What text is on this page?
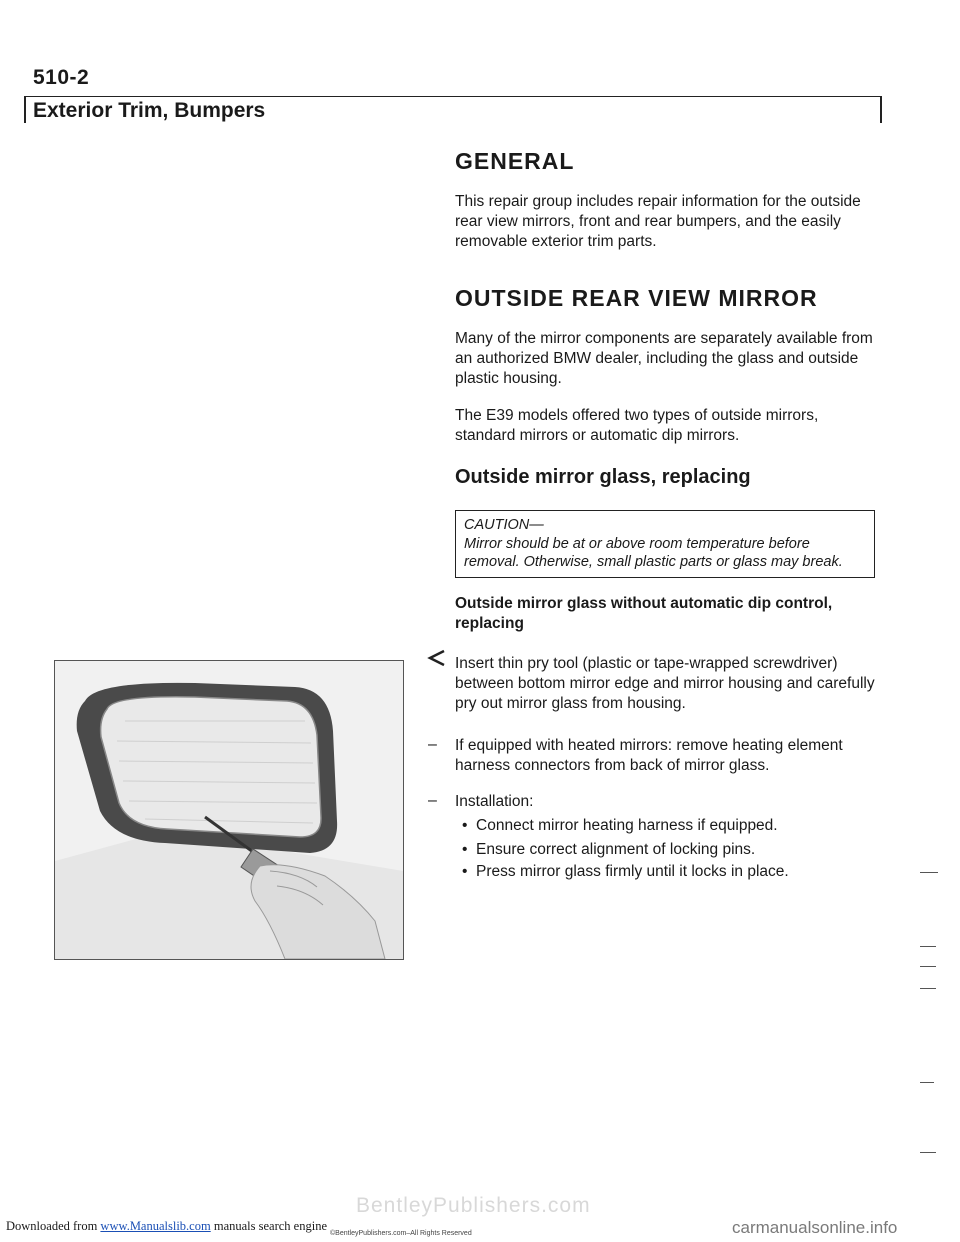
510-2
Exterior Trim, Bumpers
GENERAL
This repair group includes repair information for the outside rear view mirrors, front and rear bumpers, and the easily removable exterior trim parts.
OUTSIDE REAR VIEW MIRROR
Many of the mirror components are separately available from an authorized BMW dealer, including the glass and outside plastic housing.
The E39 models offered two types of outside mirrors, standard mirrors or automatic dip mirrors.
Outside mirror glass, replacing
CAUTION—
Mirror should be at or above room temperature before removal. Otherwise, small plastic parts or glass may break.
Outside mirror glass without automatic dip control, replacing
Insert thin pry tool (plastic or tape-wrapped screwdriver) between bottom mirror edge and mirror housing and carefully pry out mirror glass from housing.
– If equipped with heated mirrors: remove heating element harness connectors from back of mirror glass.
– Installation:
•  Connect mirror heating harness if equipped.
•  Ensure correct alignment of locking pins.
•  Press mirror glass firmly until it locks in place.
BentleyPublishers.com
Downloaded from www.Manualslib.com manuals search engine
©BentleyPublishers.com–All Rights Reserved	carmanualsonline.info
